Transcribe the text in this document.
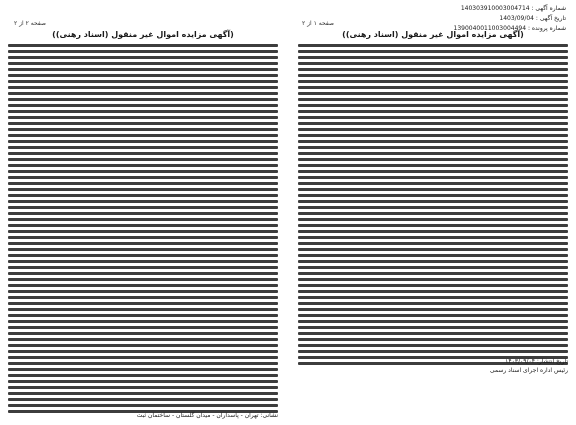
شماره آگهی : 140303910003004714
تاریخ آگهی : 1403/09/04
شماره پرونده : 1390040011003004494
صفحه ۲ از ۲
(آگهی مزایده اموال غیر منقول (اسناد رهنی))
نشانی: تهران - پاسداران - میدان گلستان - ساختمان ثبت
صفحه ۱ از ۲
(آگهی مزایده اموال غیر منقول (اسناد رهنی))
تاریخ انتشار: ۱۴۰۳/۰۹/۰۴
رئیس اداره اجرای اسناد رسمی
